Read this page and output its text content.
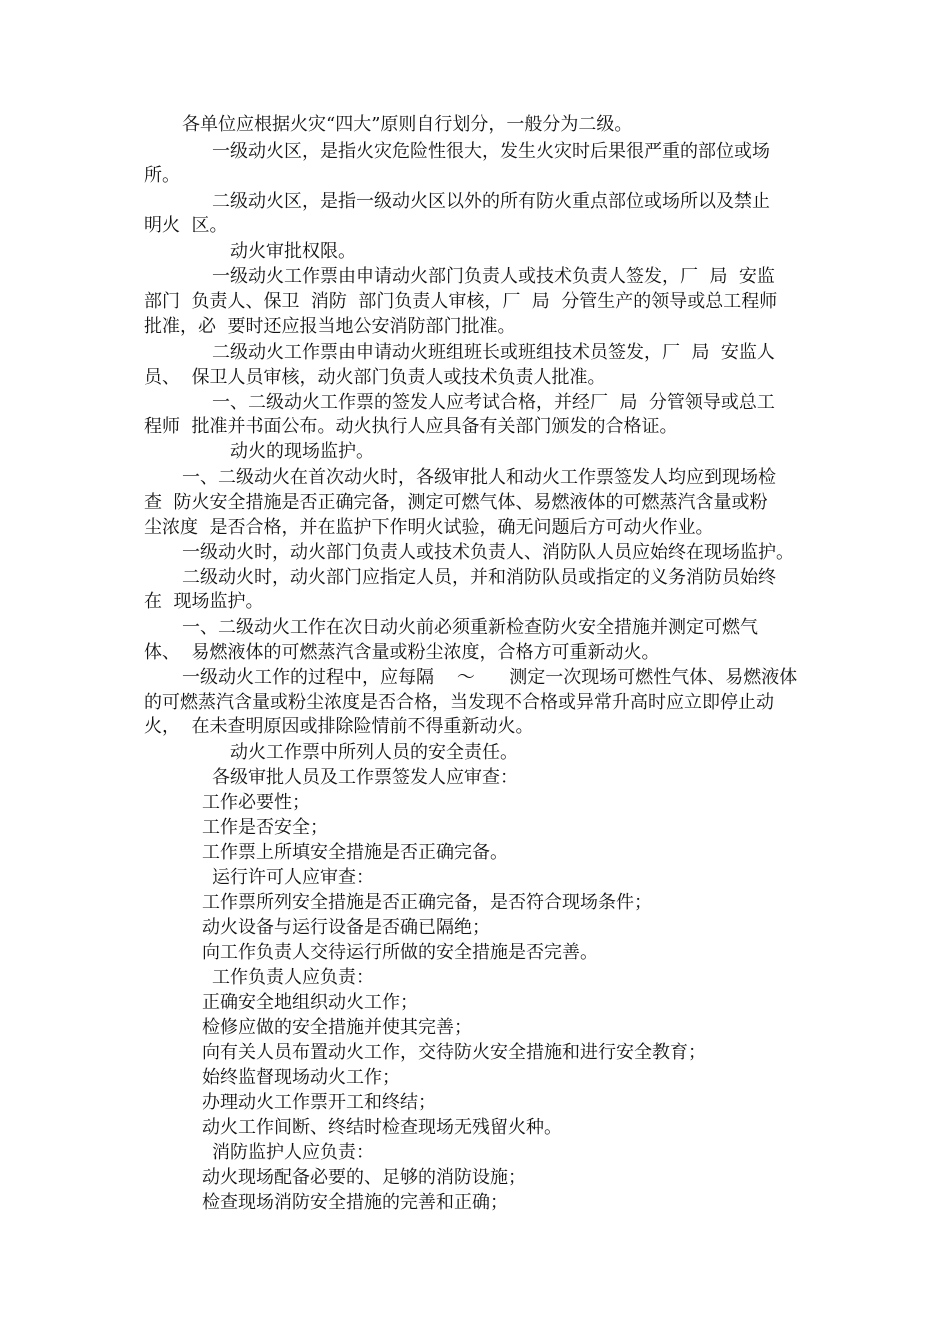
各单位应根据火灾“四大”原则自行划分，一般分为二级。

一级动火区，是指火灾危险性很大，发生火灾时后果很严重的部位或场

所。

二级动火区，是指一级动火区以外的所有防火重点部位或场所以及禁止

明火  区。

动火审批权限。

一级动火工作票由申请动火部门负责人或技术负责人签发，厂  局  安监

部门  负责人、保卫  消防  部门负责人审核，厂  局  分管生产的领导或总工程师

批准，必  要时还应报当地公安消防部门批准。

二级动火工作票由申请动火班组班长或班组技术员签发，厂  局  安监人

员、  保卫人员审核，动火部门负责人或技术负责人批准。

一、二级动火工作票的签发人应考试合格，并经厂  局  分管领导或总工

程师  批准并书面公布。动火执行人应具备有关部门颁发的合格证。

动火的现场监护。

一、二级动火在首次动火时，各级审批人和动火工作票签发人均应到现场检

查  防火安全措施是否正确完备，测定可燃气体、易燃液体的可燃蒸汽含量或粉

尘浓度  是否合格，并在监护下作明火试验，确无问题后方可动火作业。

一级动火时，动火部门负责人或技术负责人、消防队人员应始终在现场监护。

二级动火时，动火部门应指定人员，并和消防队员或指定的义务消防员始终

在  现场监护。

一、二级动火工作在次日动火前必须重新检查防火安全措施并测定可燃气

体、  易燃液体的可燃蒸汽含量或粉尘浓度，合格方可重新动火。

一级动火工作的过程中，应每隔    ～      测定一次现场可燃性气体、易燃液体

的可燃蒸汽含量或粉尘浓度是否合格，当发现不合格或异常升高时应立即停止动

火，  在未查明原因或排除险情前不得重新动火。

动火工作票中所列人员的安全责任。

各级审批人员及工作票签发人应审查：

工作必要性；

工作是否安全；

工作票上所填安全措施是否正确完备。

运行许可人应审查：

工作票所列安全措施是否正确完备，是否符合现场条件；

动火设备与运行设备是否确已隔绝；

向工作负责人交待运行所做的安全措施是否完善。

工作负责人应负责：

正确安全地组织动火工作；

检修应做的安全措施并使其完善；

向有关人员布置动火工作，交待防火安全措施和进行安全教育；

始终监督现场动火工作；

办理动火工作票开工和终结；

动火工作间断、终结时检查现场无残留火种。

消防监护人应负责：

动火现场配备必要的、足够的消防设施；

检查现场消防安全措施的完善和正确；
